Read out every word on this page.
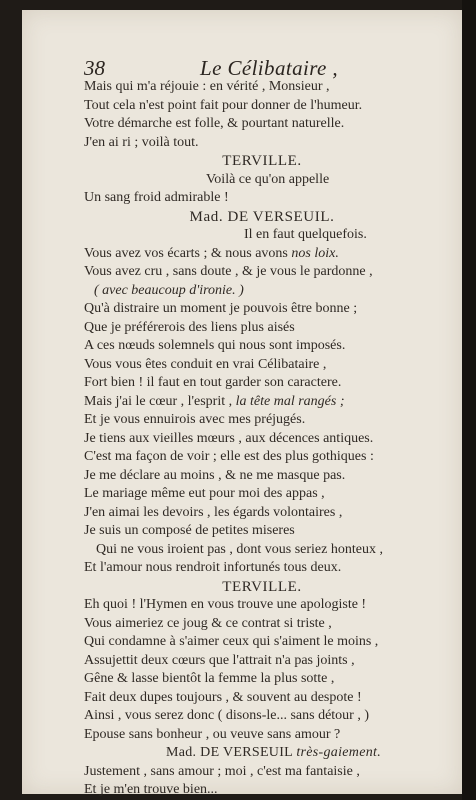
38	Le Célibataire ,
Mais qui m'a réjouie : en vérité , Monsieur ,
Tout cela n'est point fait pour donner de l'humeur.
Votre démarche est folle, & pourtant naturelle.
J'en ai ri ; voilà tout.
TERVILLE.
Voilà ce qu'on appelle
Un sang froid admirable !
Mad. DE VERSEUIL.
Il en faut quelquefois.
Vous avez vos écarts ; & nous avons nos loix.
Vous avez cru , sans doute , & je vous le pardonne ,
( avec beaucoup d'ironie. )
Qu'à distraire un moment je pouvois être bonne ;
Que je préférerois des liens plus aisés
A ces nœuds solemnels qui nous sont imposés.
Vous vous êtes conduit en vrai Célibataire ,
Fort bien ! il faut en tout garder son caractere.
Mais j'ai le cœur , l'esprit , la tête mal rangés ;
Et je vous ennuirois avec mes préjugés.
Je tiens aux vieilles mœurs , aux décences antiques.
C'est ma façon de voir ; elle est des plus gothiques :
Je me déclare au moins , & ne me masque pas.
Le mariage même eut pour moi des appas ,
J'en aimai les devoirs , les égards volontaires ,
Je suis un composé de petites miseres
Qui ne vous iroient pas , dont vous seriez honteux ,
Et l'amour nous rendroit infortunés tous deux.
TERVILLE.
Eh quoi ! l'Hymen en vous trouve une apologiste !
Vous aimeriez ce joug & ce contrat si triste ,
Qui condamne à s'aimer ceux qui s'aiment le moins ,
Assujettit deux cœurs que l'attrait n'a pas joints ,
Gêne & lasse bientôt la femme la plus sotte ,
Fait deux dupes toujours , & souvent au despote !
Ainsi , vous serez donc ( disons-le... sans détour , )
Epouse sans bonheur , ou veuve sans amour ?
Mad. DE VERSEUIL très-gaiement.
Justement , sans amour ; moi , c'est ma fantaisie ,
Et je m'en trouve bien...
